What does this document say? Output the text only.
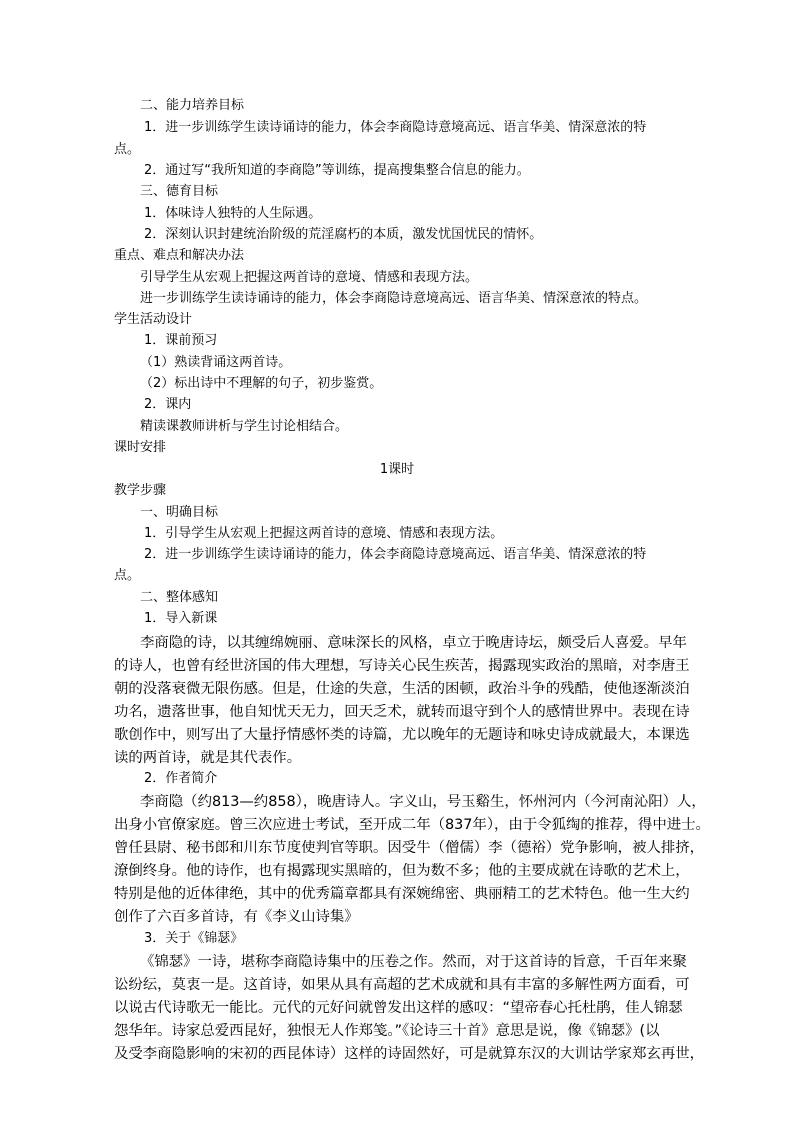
二、能力培养目标
1．进一步训练学生读诗诵诗的能力，体会李商隐诗意境高远、语言华美、情深意浓的特
点。
2．通过写“我所知道的李商隐”等训练，提高搜集整合信息的能力。
三、德育目标
1．体味诗人独特的人生际遇。
2．深刻认识封建统治阶级的荒淫腐朽的本质，激发忧国忧民的情怀。
重点、难点和解决办法
引导学生从宏观上把握这两首诗的意境、情感和表现方法。
进一步训练学生读诗诵诗的能力，体会李商隐诗意境高远、语言华美、情深意浓的特点。
学生活动设计
1．课前预习
（1）熟读背诵这两首诗。
（2）标出诗中不理解的句子，初步鉴赏。
2．课内
精读课教师讲析与学生讨论相结合。
课时安排
1课时
教学步骤
一、明确目标
1．引导学生从宏观上把握这两首诗的意境、情感和表现方法。
2．进一步训练学生读诗诵诗的能力，体会李商隐诗意境高远、语言华美、情深意浓的特
点。
二、整体感知
1．导入新课
李商隐的诗，以其缠绵婉丽、意味深长的风格，卓立于晚唐诗坛，颇受后人喜爱。早年
的诗人，也曾有经世济国的伟大理想，写诗关心民生疾苦，揭露现实政治的黑暗，对李唐王
朝的没落衰微无限伤感。但是，仕途的失意，生活的困顿，政治斗争的残酷，使他逐渐淡泊
功名，遗落世事，他自知忧天无力，回天乏术，就转而退守到个人的感情世界中。表现在诗
歌创作中，则写出了大量抒情感怀类的诗篇，尤以晚年的无题诗和咏史诗成就最大，本课选
读的两首诗，就是其代表作。
2．作者简介
李商隐（约813—约858），晚唐诗人。字义山，号玉谿生，怀州河内（今河南沁阳）人，
出身小官僚家庭。曾三次应进士考试，至开成二年（837年），由于令狐绹的推荐，得中进士。
曾任县尉、秘书郎和川东节度使判官等职。因受牛（僧儒）李（德裕）党争影响，被人排挤，
潦倒终身。他的诗作，也有揭露现实黑暗的，但为数不多；他的主要成就在诗歌的艺术上，
特别是他的近体律绝，其中的优秀篇章都具有深婉绵密、典丽精工的艺术特色。他一生大约
创作了六百多首诗，有《李义山诗集》
3．关于《锦瑟》
《锦瑟》一诗，堪称李商隐诗集中的压卷之作。然而，对于这首诗的旨意，千百年来聚
讼纷纭，莫衷一是。这首诗，如果从具有高超的艺术成就和具有丰富的多解性两方面看，可
以说古代诗歌无一能比。元代的元好问就曾发出这样的感叹：“望帝春心托杜鹃，佳人锦瑟
怨华年。诗家总爱西昆好，独恨无人作郑笺。”《论诗三十首》意思是说，像《锦瑟》(以
及受李商隐影响的宋初的西昆体诗）这样的诗固然好，可是就算东汉的大训诂学家郑玄再世，
